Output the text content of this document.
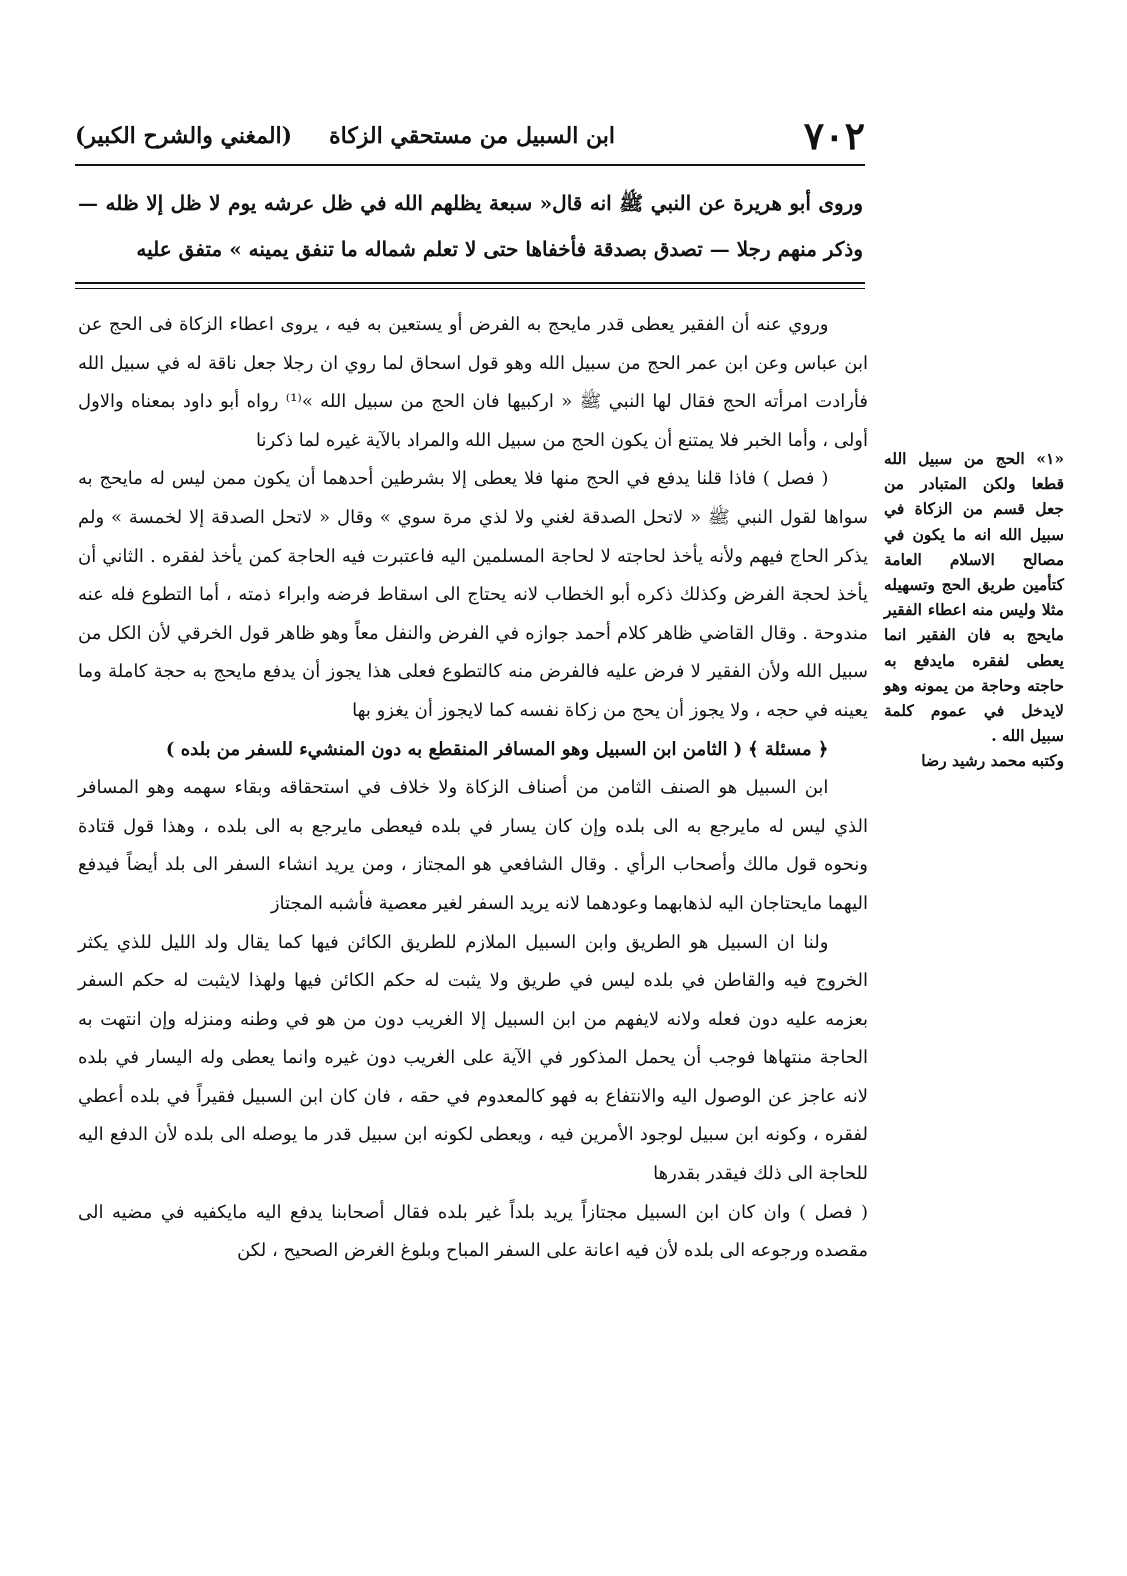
٧٠٢
ابن السبيل من مستحقي الزكاة
(المغني والشرح الكبير)
وروى أبو هريرة عن النبي ﷺ انه قال« سبعة يظلهم الله في ظل عرشه يوم لا ظل إلا ظله — وذكر منهم رجلا — تصدق بصدقة فأخفاها حتى لا تعلم شماله ما تنفق يمينه » متفق عليه

وروي عنه أن الفقير يعطى قدر مايحج به الفرض أو يستعين به فيه ، يروى اعطاء الزكاة فى الحج عن ابن عباس وعن ابن عمر الحج من سبيل الله وهو قول اسحاق لما روي ان رجلا جعل ناقة له في سبيل الله فأرادت امرأته الحج فقال لها النبي ﷺ « اركبيها فان الحج من سبيل الله »⁽¹⁾ رواه أبو داود بمعناه والاول أولى ، وأما الخبر فلا يمتنع أن يكون الحج من سبيل الله والمراد بالآية غيره لما ذكرنا

( فصل ) فاذا قلنا يدفع في الحج منها فلا يعطى إلا بشرطين أحدهما أن يكون ممن ليس له مايحج به سواها لقول النبي ﷺ « لاتحل الصدقة لغني ولا لذي مرة سوي » وقال « لاتحل الصدقة إلا لخمسة » ولم يذكر الحاج فيهم ولأنه يأخذ لحاجته لا لحاجة المسلمين اليه فاعتبرت فيه الحاجة كمن يأخذ لفقره . الثاني أن يأخذ لحجة الفرض وكذلك ذكره أبو الخطاب لانه يحتاج الى اسقاط فرضه وابراء ذمته ، أما التطوع فله عنه مندوحة . وقال القاضي ظاهر كلام أحمد جوازه في الفرض والنفل معاً وهو ظاهر قول الخرقي لأن الكل من سبيل الله ولأن الفقير لا فرض عليه فالفرض منه كالتطوع فعلى هذا يجوز أن يدفع مايحج به حجة كاملة وما يعينه في حجه ، ولا يجوز أن يحج من زكاة نفسه كما لايجوز أن يغزو بها

﴿ مسئلة ﴾ ( الثامن ابن السبيل وهو المسافر المنقطع به دون المنشيء للسفر من بلده )

ابن السبيل هو الصنف الثامن من أصناف الزكاة ولا خلاف في استحقاقه وبقاء سهمه وهو المسافر الذي ليس له مايرجع به الى بلده وإن كان يسار في بلده فيعطى مايرجع به الى بلده ، وهذا قول قتادة ونحوه قول مالك وأصحاب الرأي . وقال الشافعي هو المجتاز ، ومن يريد انشاء السفر الى بلد أيضاً فيدفع اليهما مايحتاجان اليه لذهابهما وعودهما لانه يريد السفر لغير معصية فأشبه المجتاز

ولنا ان السبيل هو الطريق وابن السبيل الملازم للطريق الكائن فيها كما يقال ولد الليل للذي يكثر الخروج فيه والقاطن في بلده ليس في طريق ولا يثبت له حكم الكائن فيها ولهذا لايثبت له حكم السفر بعزمه عليه دون فعله ولانه لايفهم من ابن السبيل إلا الغريب دون من هو في وطنه ومنزله وإن انتهت به الحاجة منتهاها فوجب أن يحمل المذكور في الآية على الغريب دون غيره وانما يعطى وله اليسار في بلده لانه عاجز عن الوصول اليه والانتفاع به فهو كالمعدوم في حقه ، فان كان ابن السبيل فقيراً في بلده أعطي لفقره ، وكونه ابن سبيل لوجود الأمرين فيه ، ويعطى لكونه ابن سبيل قدر ما يوصله الى بلده لأن الدفع اليه للحاجة الى ذلك فيقدر بقدرها

( فصل ) وان كان ابن السبيل مجتازاً يريد بلداً غير بلده فقال أصحابنا يدفع اليه مايكفيه في مضيه الى مقصده ورجوعه الى بلده لأن فيه اعانة على السفر المباح وبلوغ الغرض الصحيح ، لكن

«١» الحج من سبيل الله قطعا ولكن المتبادر من جعل قسم من الزكاة في سبيل الله انه ما يكون في مصالح الاسلام العامة كتأمين طريق الحج وتسهيله مثلا وليس منه اعطاء الفقير مايحج به فان الفقير انما يعطى لفقره مايدفع به حاجته وحاجة من يمونه وهو لايدخل في عموم كلمة سبيل الله .
وكتبه محمد رشيد رضا
